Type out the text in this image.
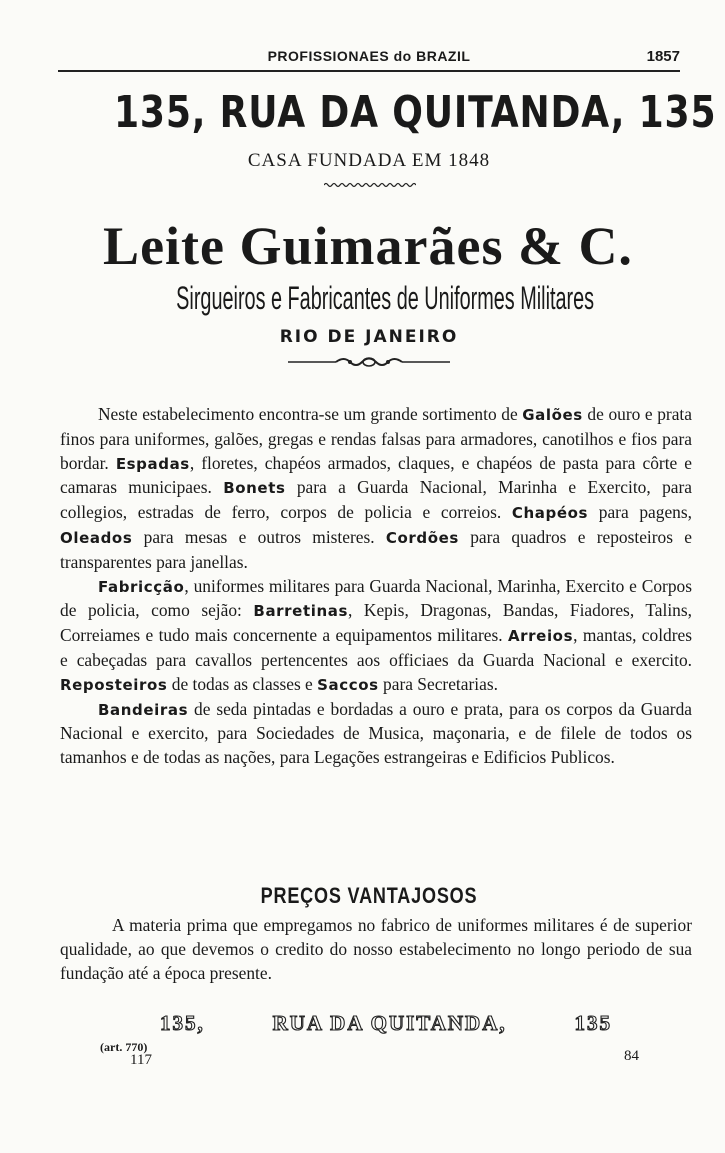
PROFISSIONAES do BRAZIL	1857
135, RUA DA QUITANDA, 135
CASA FUNDADA EM 1848
Leite Guimarães & C.
Sirgueiros e Fabricantes de Uniformes Militares
RIO DE JANEIRO

Neste estabelecimento encontra-se um grande sortimento de Galões de ouro e prata finos para uniformes, galões, gregas e rendas falsas para armadores, canotilhos e fios para bordar. Espadas, floretes, chapéos armados, claques, e chapéos de pasta para côrte e camaras municipaes. Bonets para a Guarda Nacional, Marinha e Exercito, para collegios, estradas de ferro, corpos de policia e correios. Chapéos para pagens, Oleados para mesas e outros misteres. Cordões para quadros e reposteiros e transparentes para janellas.

Fabricção, uniformes militares para Guarda Nacional, Marinha, Exercito e Corpos de policia, como sejão: Barretinas, Kepis, Dragonas, Bandas, Fiadores, Talins, Correiames e tudo mais concernente a equipamentos militares. Arreios, mantas, coldres e cabeçadas para cavallos pertencentes aos officiaes da Guarda Nacional e exercito. Reposteiros de todas as classes e Saccos para Secretarias.

Bandeiras de seda pintadas e bordadas a ouro e prata, para os corpos da Guarda Nacional e exercito, para Sociedades de Musica, maçonaria, e de filele de todos os tamanhos e de todas as nações, para Legações estrangeiras e Edificios Publicos.

PREÇOS VANTAJOSOS

A materia prima que empregamos no fabrico de uniformes militares é de superior qualidade, ao que devemos o credito do nosso estabelecimento no longo periodo de sua fundação até a época presente.

135,	RUA DA QUITANDA,	135
(art. 770)
117	84
